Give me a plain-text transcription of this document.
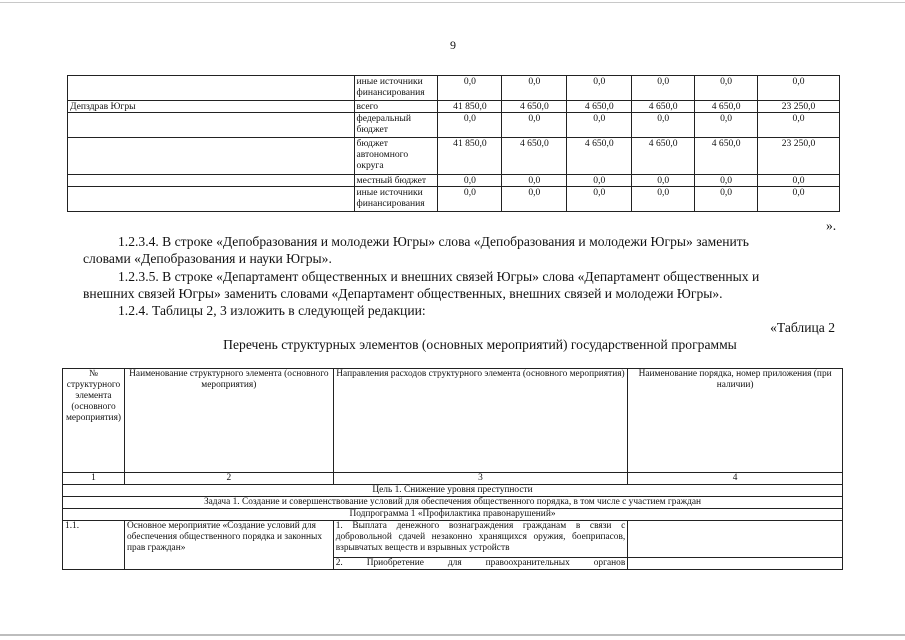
9
	иные источники финансирования	0,0	0,0	0,0	0,0	0,0	0,0
Депздрав Югры	всего	41 850,0	4 650,0	4 650,0	4 650,0	4 650,0	23 250,0
	федеральный бюджет	0,0	0,0	0,0	0,0	0,0	0,0
	бюджет автономного округа	41 850,0	4 650,0	4 650,0	4 650,0	4 650,0	23 250,0
	местный бюджет	0,0	0,0	0,0	0,0	0,0	0,0
	иные источники финансирования	0,0	0,0	0,0	0,0	0,0	0,0
».
1.2.3.4. В строке «Депобразования и молодежи Югры» слова «Депобразования и молодежи Югры» заменить
словами «Депобразования и науки Югры».
1.2.3.5. В строке «Департамент общественных и внешних связей Югры» слова «Департамент общественных и
внешних связей Югры» заменить словами «Департамент общественных, внешних связей и молодежи Югры».
1.2.4. Таблицы 2, 3 изложить в следующей редакции:
«Таблица 2
Перечень структурных элементов (основных мероприятий) государственной программы
№ структурного элемента (основного мероприятия)	Наименование структурного элемента (основного мероприятия)	Направления расходов структурного элемента (основного мероприятия)	Наименование порядка, номер приложения (при наличии)
1	2	3	4
Цель 1. Снижение уровня преступности			
Задача 1. Создание и совершенствование условий для обеспечения общественного порядка, в том числе с участием граждан			
Подпрограмма 1 «Профилактика правонарушений»			
1.1.	Основное мероприятие «Создание условий для обеспечения общественного порядка и законных прав граждан»	1. Выплата денежного вознаграждения гражданам в связи с добровольной сдачей незаконно хранящихся оружия, боеприпасов, взрывчатых веществ и взрывных устройств	
		2. Приобретение для правоохранительных органов	
